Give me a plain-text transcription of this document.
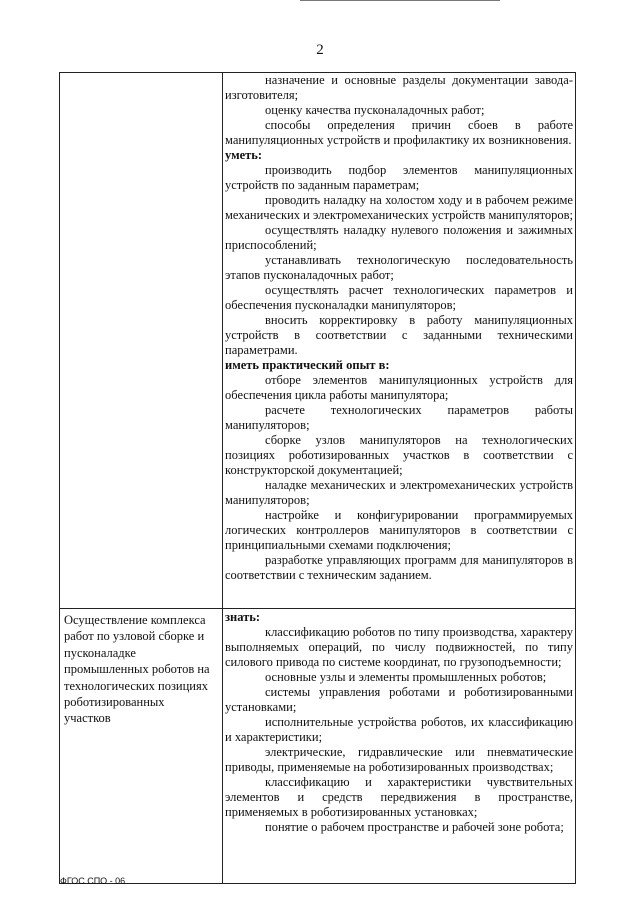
2
назначение и основные разделы документации завода-изготовителя;
оценку качества пусконаладочных работ;
способы определения причин сбоев в работе манипуляционных устройств и профилактику их возникновения.
уметь:
производить подбор элементов манипуляционных устройств по заданным параметрам;
проводить наладку на холостом ходу и в рабочем режиме механических и электромеханических устройств манипуляторов;
осуществлять наладку нулевого положения и зажимных приспособлений;
устанавливать технологическую последовательность этапов пусконаладочных работ;
осуществлять расчет технологических параметров и обеспечения пусконаладки манипуляторов;
вносить корректировку в работу манипуляционных устройств в соответствии с заданными техническими параметрами.
иметь практический опыт в:
отборе элементов манипуляционных устройств для обеспечения цикла работы манипулятора;
расчете технологических параметров работы манипуляторов;
сборке узлов манипуляторов на технологических позициях роботизированных участков в соответствии с конструкторской документацией;
наладке механических и электромеханических устройств манипуляторов;
настройке и конфигурировании программируемых логических контроллеров манипуляторов в соответствии с принципиальными схемами подключения;
разработке управляющих программ для манипуляторов в соответствии с техническим заданием.
Осуществление комплекса
работ по узловой сборке и
пусконаладке
промышленных роботов на
технологических позициях
роботизированных
участков
знать:
классификацию роботов по типу производства, характеру выполняемых операций, по числу подвижностей, по типу силового привода по системе координат, по грузоподъемности;
основные узлы и элементы промышленных роботов;
системы управления роботами и роботизированными установками;
исполнительные устройства роботов, их классификацию и характеристики;
электрические, гидравлические или пневматические приводы, применяемые на роботизированных производствах;
классификацию и характеристики чувствительных элементов и средств передвижения в пространстве, применяемых в роботизированных установках;
понятие о рабочем пространстве и рабочей зоне робота;
ФГОС СПО - 06
